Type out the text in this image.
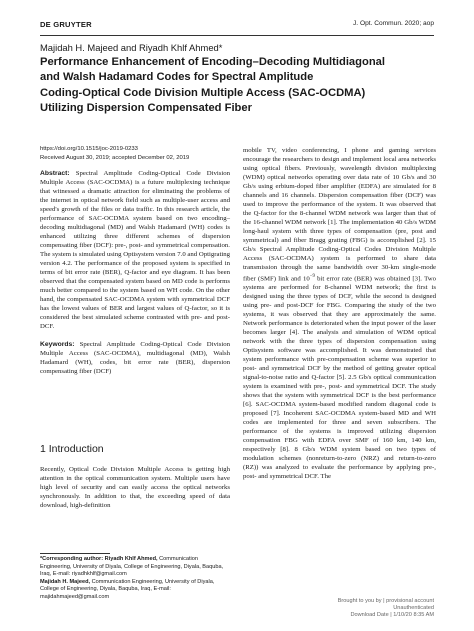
DE GRUYTER	J. Opt. Commun. 2020; aop
Majidah H. Majeed and Riyadh Khlf Ahmed*
Performance Enhancement of Encoding–Decoding Multidiagonal
and Walsh Hadamard Codes for Spectral Amplitude
Coding-Optical Code Division Multiple Access (SAC-OCDMA)
Utilizing Dispersion Compensated Fiber
https://doi.org/10.1515/joc-2019-0233
Received August 30, 2019; accepted December 02, 2019

Abstract: Spectral Amplitude Coding-Optical Code Division Multiple Access (SAC-OCDMA) is a future multiplexing technique that witnessed a dramatic attraction for eliminating the problems of the internet in optical network field such as multiple-user access and speed's growth of the files or data traffic. In this research article, the performance of SAC-OCDMA system based on two encoding–decoding multidiagonal (MD) and Walsh Hadamard (WH) codes is enhanced utilizing three different schemes of dispersion compensating fiber (DCF): pre-, post- and symmetrical compensation. The system is simulated using Optisystem version 7.0 and Optigrating version 4.2. The performance of the proposed system is specified in terms of bit error rate (BER), Q-factor and eye diagram. It has been observed that the compensated system based on MD code is performs much better compared to the system based on WH code. On the other hand, the compensated SAC-OCDMA system with symmetrical DCF has the lowest values of BER and largest values of Q-factor, so it is considered the best simulated scheme contrasted with pre- and post-DCF.

Keywords: Spectral Amplitude Coding-Optical Code Division Multiple Access (SAC-OCDMA), multidiagonal (MD), Walsh Hadamard (WH), codes, bit error rate (BER), dispersion compensating fiber (DCF)

1 Introduction

Recently, Optical Code Division Multiple Access is getting high attention in the optical communication system. Multiple users have high level of security and can easily access the optical networks synchronously. In addition to that, the exceeding speed of data download, high-definition

*Corresponding author: Riyadh Khlf Ahmed, Communication Engineering, University of Diyala, College of Engineering, Diyala, Baquba, Iraq, E-mail: riyadhkhlf@gmail.com

Majidah H. Majeed, Communication Engineering, University of Diyala, College of Engineering, Diyala, Baquba, Iraq, E-mail: majidahmajeed@gmail.com

mobile TV, video conferencing, I phone and gaming services encourage the researchers to design and implement local area networks using optical fibers. Previously, wavelength division multiplexing (WDM) optical networks operating over data rate of 10 Gb/s and 30 Gb/s using erbium-doped fiber amplifier (EDFA) are simulated for 8 channels and 16 channels. Dispersion compensation fiber (DCF) was used to improve the performance of the system. It was observed that the Q-factor for the 8-channel WDM network was larger than that of the 16-channel WDM network [1]. The implementation 40 Gb/s WDM long-haul system with three types of compensation (pre, post and symmetrical) and fiber Bragg grating (FBG) is accomplished [2]. 15 Gb/s Spectral Amplitude Coding-Optical Codes Division Multiple Access (SAC-OCDMA) system is performed to share data transmission through the same bandwidth over 30-km single-mode fiber (SMF) link and $10^{-9}$ bit error rate (BER) was obtained [3]. Two systems are performed for 8-channel WDM network; the first is designed using the three types of DCF, while the second is designed using pre- and post-DCF for FBG. Comparing the study of the two systems, it was observed that they are approximately the same. Network performance is deteriorated when the input power of the laser becomes larger [4]. The analysis and simulation of WDM optical network with the three types of dispersion compensation using Optisystem software was accomplished. It was demonstrated that system performance with pre-compensation scheme was superior to post- and symmetrical DCF by the method of getting greater optical signal-to-noise ratio and Q-factor [5]. 2.5 Gb/s optical communication system is examined with pre-, post- and symmetrical DCF. The study shows that the system with symmetrical DCF is the best performance [6]. SAC-OCDMA system-based modified random diagonal code is proposed [7]. Incoherent SAC-OCDMA system-based MD and WH codes are implemented for three and seven subscribers. The performance of the systems is improved utilizing dispersion compensation FBG with EDFA over SMF of 160 km, 140 km, respectively [8]. 8 Gb/s WDM system based on two types of modulation schemes (nonreturn-to-zero (NRZ) and return-to-zero (RZ)) was analyzed to evaluate the performance by applying pre-, post- and symmetrical DCF. The

Brought to you by | provisional account
Unauthenticated
Download Date | 1/10/20 8:35 AM
